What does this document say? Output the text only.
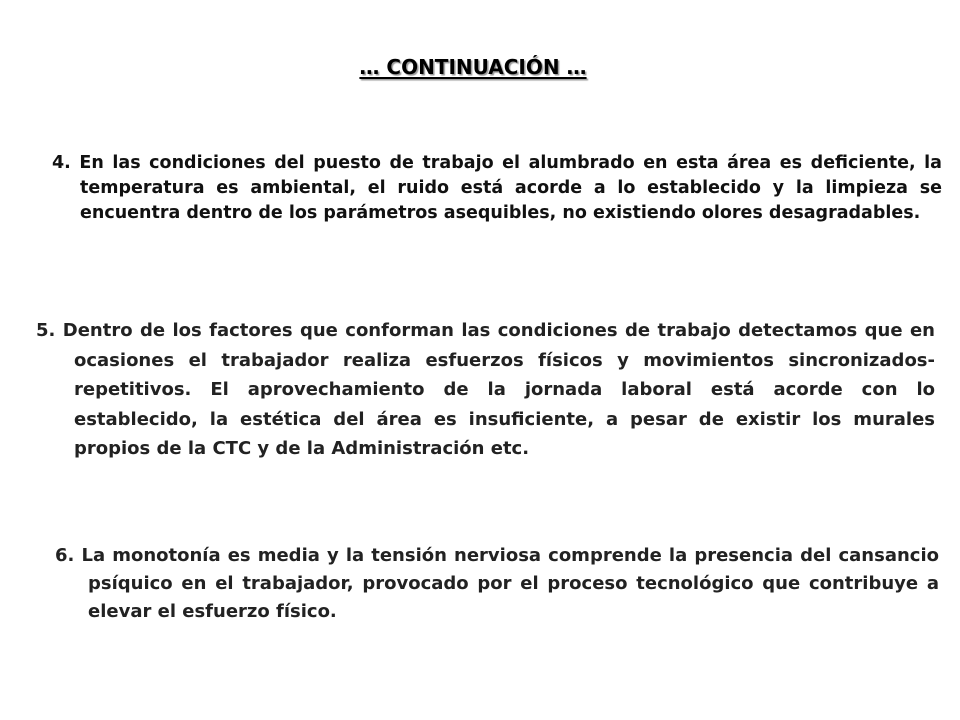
… CONTINUACIÓN …

4. En las condiciones del puesto de trabajo el alumbrado en esta área es deficiente, la temperatura es ambiental, el ruido está acorde a lo establecido y la limpieza se encuentra dentro de los parámetros asequibles, no existiendo olores desagradables.

5. Dentro de los factores que conforman las condiciones de trabajo detectamos que en ocasiones el trabajador realiza esfuerzos físicos y movimientos sincronizados-repetitivos. El aprovechamiento de la jornada laboral está acorde con lo establecido, la estética del área es insuficiente, a pesar de existir los murales propios de la CTC y de la Administración etc.

6. La monotonía es media y la tensión nerviosa comprende la presencia del cansancio psíquico en el trabajador, provocado por el proceso tecnológico que contribuye a elevar el esfuerzo físico.
